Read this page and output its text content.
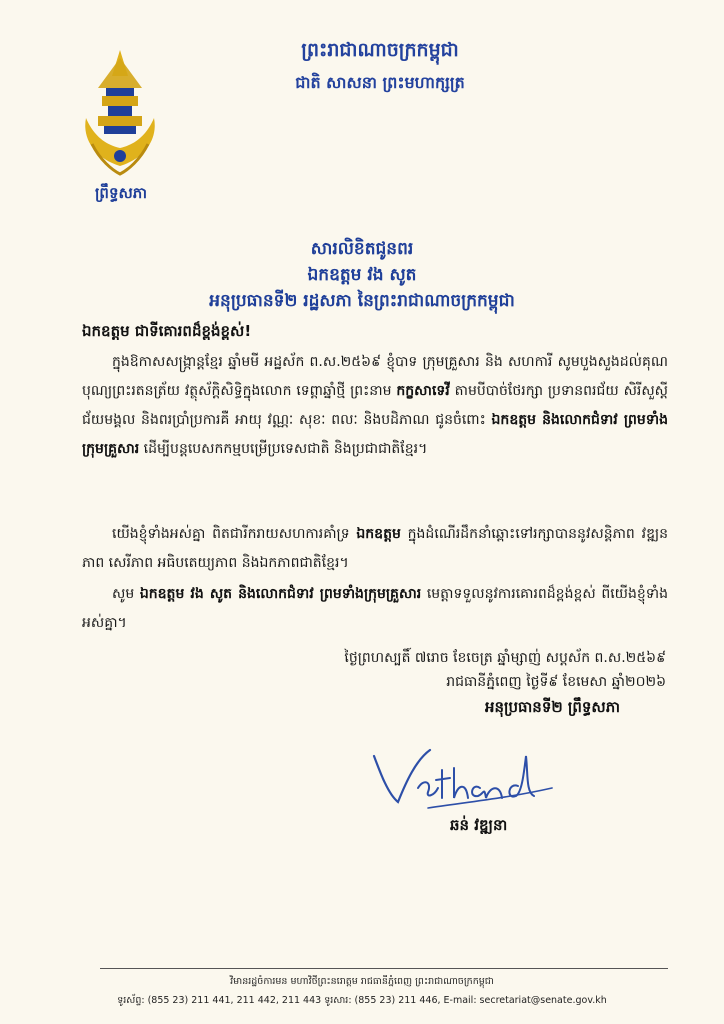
ព្រឹទ្ធសភា
ព្រះរាជាណាចក្រកម្ពុជា
ជាតិ សាសនា ព្រះមហាក្សត្រ
សារលិខិតជូនពរ
ឯកឧត្តម វង សូត
អនុប្រធានទី២ រដ្ឋសភា នៃព្រះរាជាណាចក្រកម្ពុជា
ឯកឧត្តម ជាទីគោរពដ៏ខ្ពង់ខ្ពស់!
ក្នុងឱកាសសង្ក្រាន្តខ្មែរ ឆ្នាំមមី អដ្ឋស័ក ព.ស.២៥៦៩ ខ្ញុំបាទ ក្រុមគ្រួសារ និង សហការី សូមបួងសួងដល់គុណបុណ្យព្រះរតនត្រ័យ វត្ថុស័ក្តិសិទ្ធិក្នុងលោក ទេព្តាឆ្នាំថ្មី ព្រះនាម កក្ខសាទេវី តាមបីបាច់ថែរក្សា ប្រទានពរជ័យ សិរីសួស្តី ជ័យមង្គល និងពរប្រាំប្រការគឺ អាយុ វណ្ណៈ សុខៈ ពលៈ និងបដិភាណ ជូនចំពោះ ឯកឧត្តម និងលោកជំទាវ ព្រមទាំងក្រុមគ្រួសារ ដើម្បីបន្តបេសកកម្មបម្រើប្រទេសជាតិ និងប្រជាជាតិខ្មែរ។
យើងខ្ញុំទាំងអស់គ្នា ពិតជារីករាយសហការគាំទ្រ ឯកឧត្តម ក្នុងដំណើរដឹកនាំឆ្ពោះទៅរក្សាបាននូវសន្តិភាព វឌ្ឍនភាព សេរីភាព អធិបតេយ្យភាព និងឯកភាពជាតិខ្មែរ។
សូម ឯកឧត្តម វង សូត និងលោកជំទាវ ព្រមទាំងក្រុមគ្រួសារ មេត្តាទទួលនូវការគោរពដ៏ខ្ពង់ខ្ពស់ ពីយើងខ្ញុំទាំងអស់គ្នា។
ថ្ងៃព្រហស្បតិ៍ ៧រោច ខែចេត្រ ឆ្នាំម្សាញ់ សប្តស័ក ព.ស.២៥៦៩
រាជធានីភ្នំពេញ ថ្ងៃទី៩ ខែមេសា ឆ្នាំ២០២៦
អនុប្រធានទី២ ព្រឹទ្ធសភា
ឆន់ វឌ្ឍនា
វិមានរដ្ឋចំការមន មហាវិថីព្រះនរោត្តម រាជធានីភ្នំពេញ ព្រះរាជាណាចក្រកម្ពុជា
ទូរស័ព្ទ: (855 23) 211 441, 211 442, 211 443 ទូរសារ: (855 23) 211 446, E-mail: secretariat@senate.gov.kh
